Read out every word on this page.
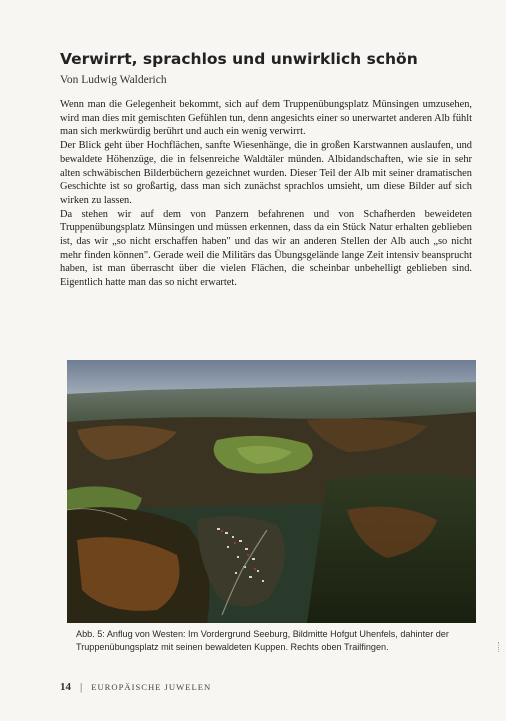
Verwirrt, sprachlos und unwirklich schön
Von Ludwig Walderich

Wenn man die Gelegenheit bekommt, sich auf dem Truppenübungsplatz Münsingen umzusehen, wird man dies mit gemischten Gefühlen tun, denn angesichts einer so unerwartet anderen Alb fühlt man sich merkwürdig berührt und auch ein wenig verwirrt.

Der Blick geht über Hochflächen, sanfte Wiesenhänge, die in großen Karstwannen auslaufen, und bewaldete Höhenzüge, die in felsenreiche Waldtäler münden. Albidandschaften, wie sie in sehr alten schwäbischen Bilderbüchern gezeichnet wurden. Dieser Teil der Alb mit seiner dramatischen Geschichte ist so großartig, dass man sich zunächst sprachlos umsieht, um diese Bilder auf sich wirken zu lassen.

Da stehen wir auf dem von Panzern befahrenen und von Schafherden beweideten Truppenübungsplatz Münsingen und müssen erkennen, dass da ein Stück Natur erhalten geblieben ist, das wir „so nicht erschaffen haben" und das wir an anderen Stellen der Alb auch „so nicht mehr finden können". Gerade weil die Militärs das Übungsgelände lange Zeit intensiv beansprucht haben, ist man überrascht über die vielen Flächen, die scheinbar unbehelligt geblieben sind. Eigentlich hatte man das so nicht erwartet.

Abb. 5: Anflug von Westen: Im Vordergrund Seeburg, Bildmitte Hofgut Uhenfels, dahinter der Truppenübungsplatz mit seinen bewaldeten Kuppen. Rechts oben Trailfingen.
14 | EUROPÄISCHE JUWELEN
